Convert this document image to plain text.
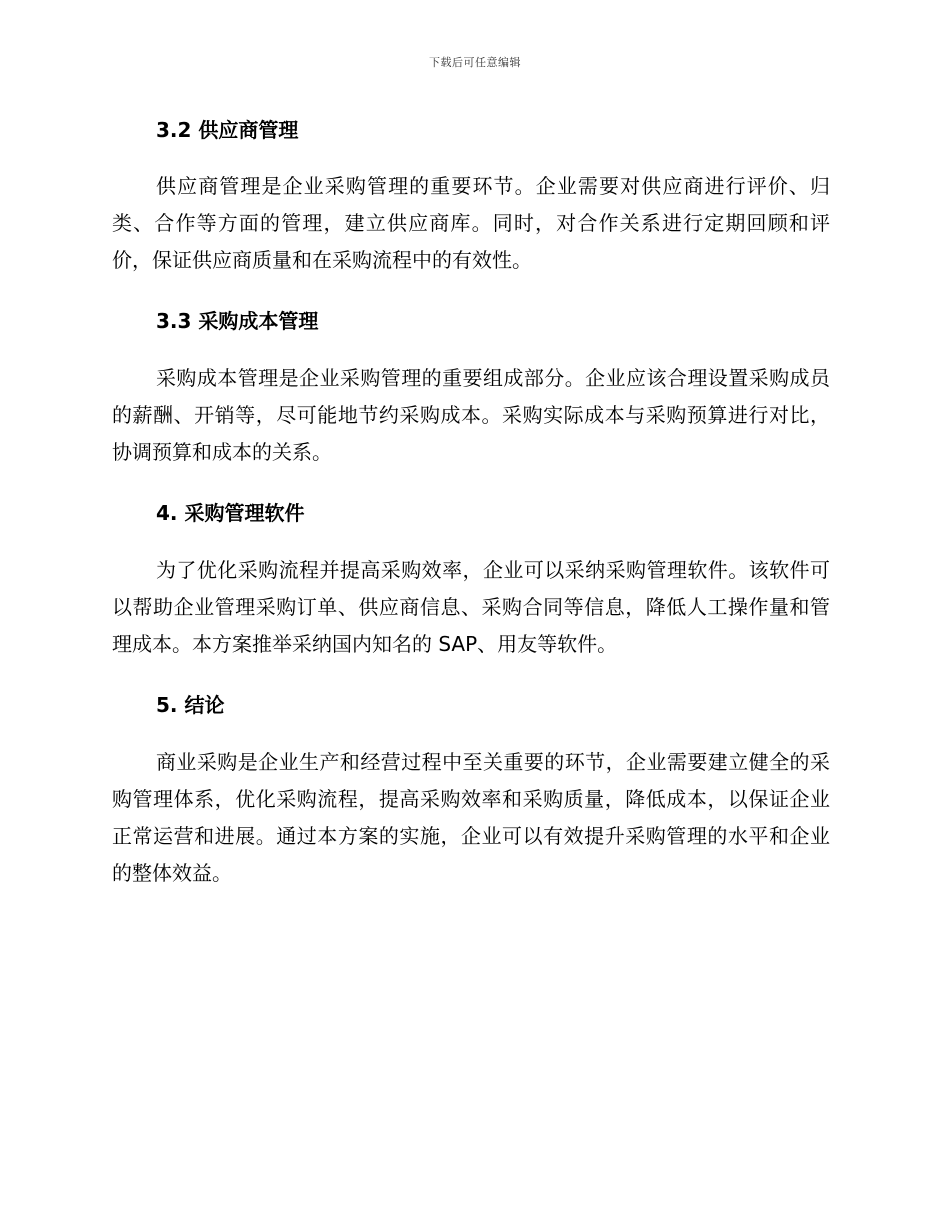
下载后可任意编辑
3.2 供应商管理

供应商管理是企业采购管理的重要环节。企业需要对供应商进行评价、归类、合作等方面的管理，建立供应商库。同时，对合作关系进行定期回顾和评价，保证供应商质量和在采购流程中的有效性。

3.3 采购成本管理

采购成本管理是企业采购管理的重要组成部分。企业应该合理设置采购成员的薪酬、开销等，尽可能地节约采购成本。采购实际成本与采购预算进行对比，协调预算和成本的关系。

4. 采购管理软件

为了优化采购流程并提高采购效率，企业可以采纳采购管理软件。该软件可以帮助企业管理采购订单、供应商信息、采购合同等信息，降低人工操作量和管理成本。本方案推举采纳国内知名的 SAP、用友等软件。

5. 结论

商业采购是企业生产和经营过程中至关重要的环节，企业需要建立健全的采购管理体系，优化采购流程，提高采购效率和采购质量，降低成本，以保证企业正常运营和进展。通过本方案的实施，企业可以有效提升采购管理的水平和企业的整体效益。
